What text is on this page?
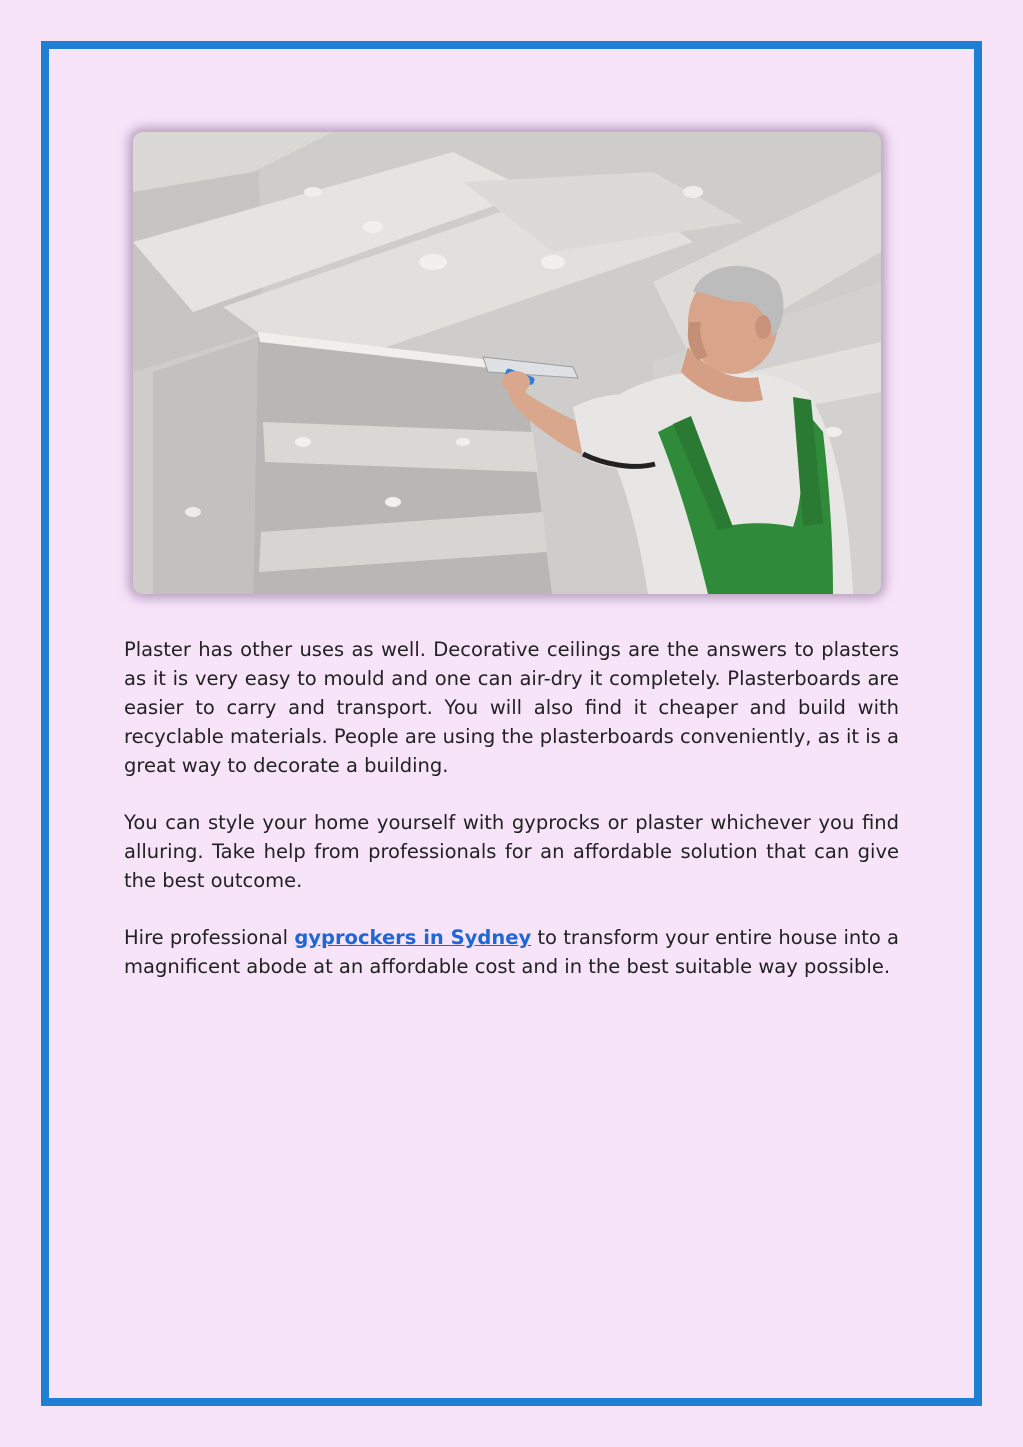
Plaster has other uses as well. Decorative ceilings are the answers to plasters as it is very easy to mould and one can air-dry it completely. Plasterboards are easier to carry and transport. You will also find it cheaper and build with recyclable materials. People are using the plasterboards conveniently, as it is a great way to decorate a building.

You can style your home yourself with gyprocks or plaster whichever you find alluring. Take help from professionals for an affordable solution that can give the best outcome.

Hire professional gyprockers in Sydney to transform your entire house into a magnificent abode at an affordable cost and in the best suitable way possible.
